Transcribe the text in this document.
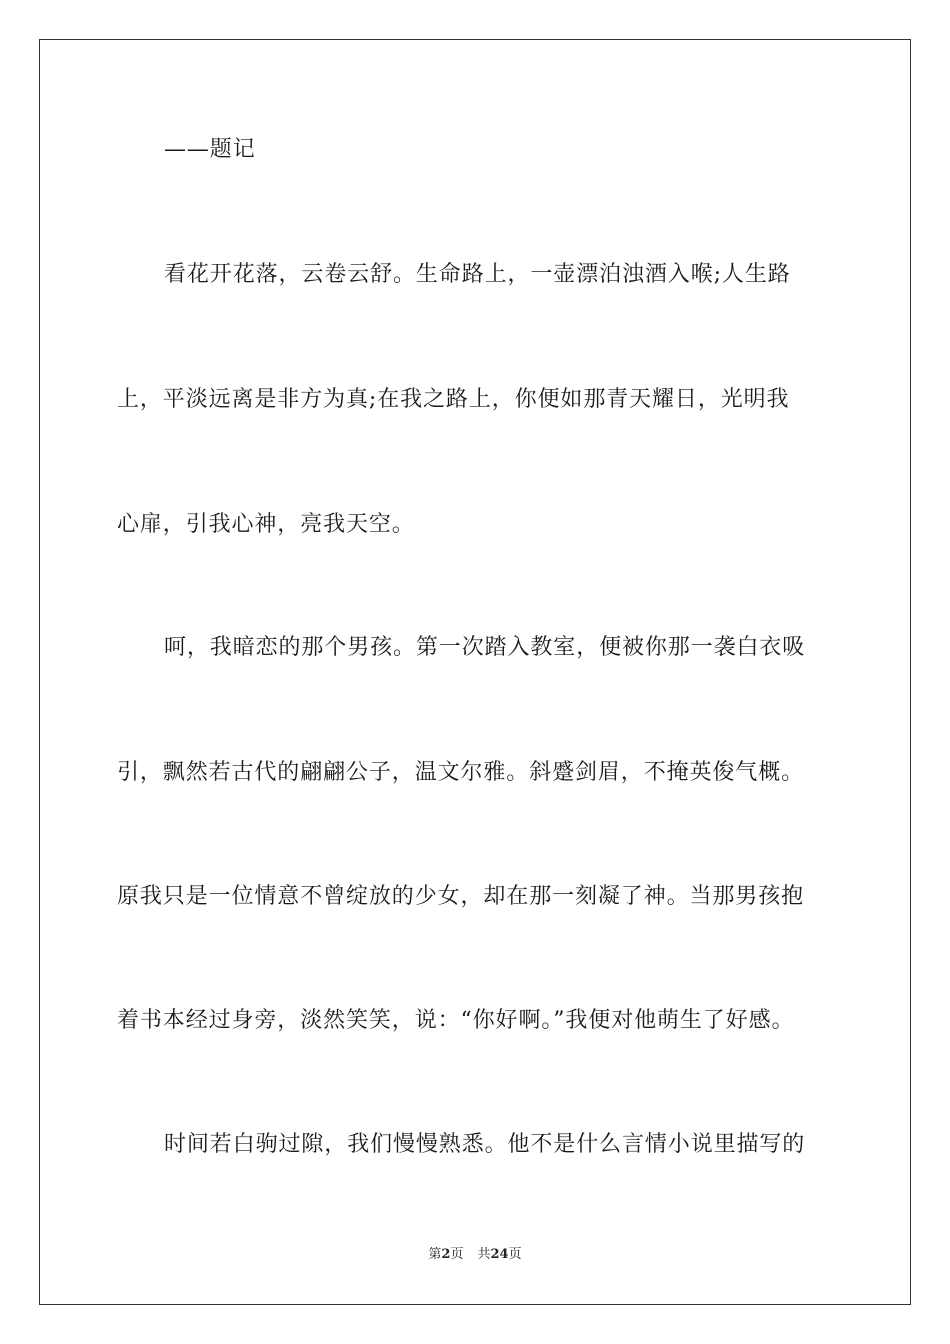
——题记
看花开花落，云卷云舒。生命路上，一壶漂泊浊酒入喉;人生路
上，平淡远离是非方为真;在我之路上，你便如那青天耀日，光明我
心扉，引我心神，亮我天空。
呵，我暗恋的那个男孩。第一次踏入教室，便被你那一袭白衣吸
引，飘然若古代的翩翩公子，温文尔雅。斜蹙剑眉，不掩英俊气概。
原我只是一位情意不曾绽放的少女，却在那一刻凝了神。当那男孩抱
着书本经过身旁，淡然笑笑，说：“你好啊。”我便对他萌生了好感。
时间若白驹过隙，我们慢慢熟悉。他不是什么言情小说里描写的
第2页 共24页
